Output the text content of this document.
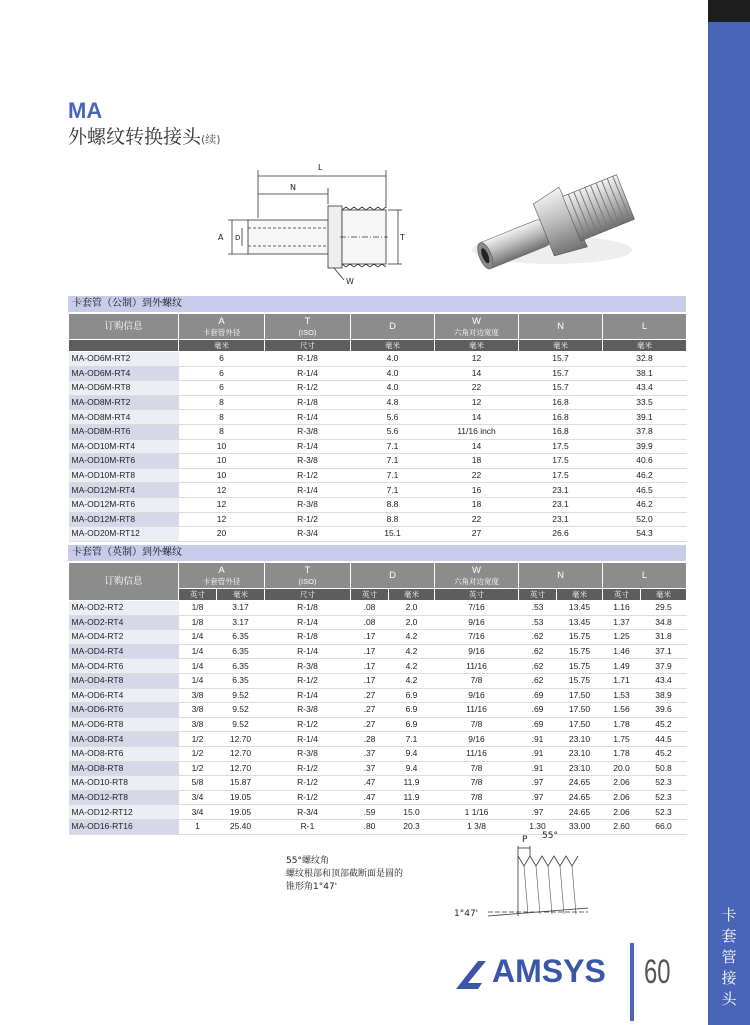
卡
套
管
接
头
MA
外螺纹转换接头(续)
L
N
A D	T
W
卡套管（公制）到外螺纹
订购信息	A
卡套管外径	T
(ISO)	D	W
六角对边宽度	N	L
	毫米	尺寸	毫米	毫米	毫米	毫米
MA-OD6M-RT2	6	R-1/8	4.0	12	15.7	32.8
MA-OD6M-RT4	6	R-1/4	4.0	14	15.7	38.1
MA-OD6M-RT8	6	R-1/2	4.0	22	15.7	43.4
MA-OD8M-RT2	8	R-1/8	4.8	12	16.8	33.5
MA-OD8M-RT4	8	R-1/4	5.6	14	16.8	39.1
MA-OD8M-RT6	8	R-3/8	5.6	11/16 inch	16.8	37.8
MA-OD10M-RT4	10	R-1/4	7.1	14	17.5	39.9
MA-OD10M-RT6	10	R-3/8	7.1	18	17.5	40.6
MA-OD10M-RT8	10	R-1/2	7.1	22	17.5	46.2
MA-OD12M-RT4	12	R-1/4	7.1	16	23.1	46.5
MA-OD12M-RT6	12	R-3/8	8.8	18	23.1	46.2
MA-OD12M-RT8	12	R-1/2	8.8	22	23.1	52.0
MA-OD20M-RT12	20	R-3/4	15.1	27	26.6	54.3
卡套管（英制）到外螺纹
订购信息	A
卡套管外径		T
(ISO)	D		W
六角对边宽度	N		L	
	英寸	毫米	尺寸	英寸	毫米	英寸	英寸	毫米	英寸	毫米
MA-OD2-RT2	1/8	3.17	R-1/8	.08	2.0	7/16	.53	13.45	1.16	29.5
MA-OD2-RT4	1/8	3.17	R-1/4	.08	2.0	9/16	.53	13.45	1.37	34.8
MA-OD4-RT2	1/4	6.35	R-1/8	.17	4.2	7/16	.62	15.75	1.25	31.8
MA-OD4-RT4	1/4	6.35	R-1/4	.17	4.2	9/16	.62	15.75	1.46	37.1
MA-OD4-RT6	1/4	6.35	R-3/8	.17	4.2	11/16	.62	15.75	1.49	37.9
MA-OD4-RT8	1/4	6.35	R-1/2	.17	4.2	7/8	.62	15.75	1.71	43.4
MA-OD6-RT4	3/8	9.52	R-1/4	.27	6.9	9/16	.69	17.50	1.53	38.9
MA-OD6-RT6	3/8	9.52	R-3/8	.27	6.9	11/16	.69	17.50	1.56	39.6
MA-OD6-RT8	3/8	9.52	R-1/2	.27	6.9	7/8	.69	17.50	1.78	45.2
MA-OD8-RT4	1/2	12.70	R-1/4	.28	7.1	9/16	.91	23.10	1.75	44.5
MA-OD8-RT6	1/2	12.70	R-3/8	.37	9.4	11/16	.91	23.10	1.78	45.2
MA-OD8-RT8	1/2	12.70	R-1/2	.37	9.4	7/8	.91	23.10	20.0	50.8
MA-OD10-RT8	5/8	15.87	R-1/2	.47	11.9	7/8	.97	24.65	2.06	52.3
MA-OD12-RT8	3/4	19.05	R-1/2	.47	11.9	7/8	.97	24.65	2.06	52.3
MA-OD12-RT12	3/4	19.05	R-3/4	.59	15.0	1 1/16	.97	24.65	2.06	52.3
MA-OD16-RT16	1	25.40	R-1	.80	20.3	1 3/8	1.30	33.00	2.60	66.0
55°螺纹角
螺纹根部和顶部截断面是圆的
锥形角1°47'
P 55°
1°47'
AMSYS 60
